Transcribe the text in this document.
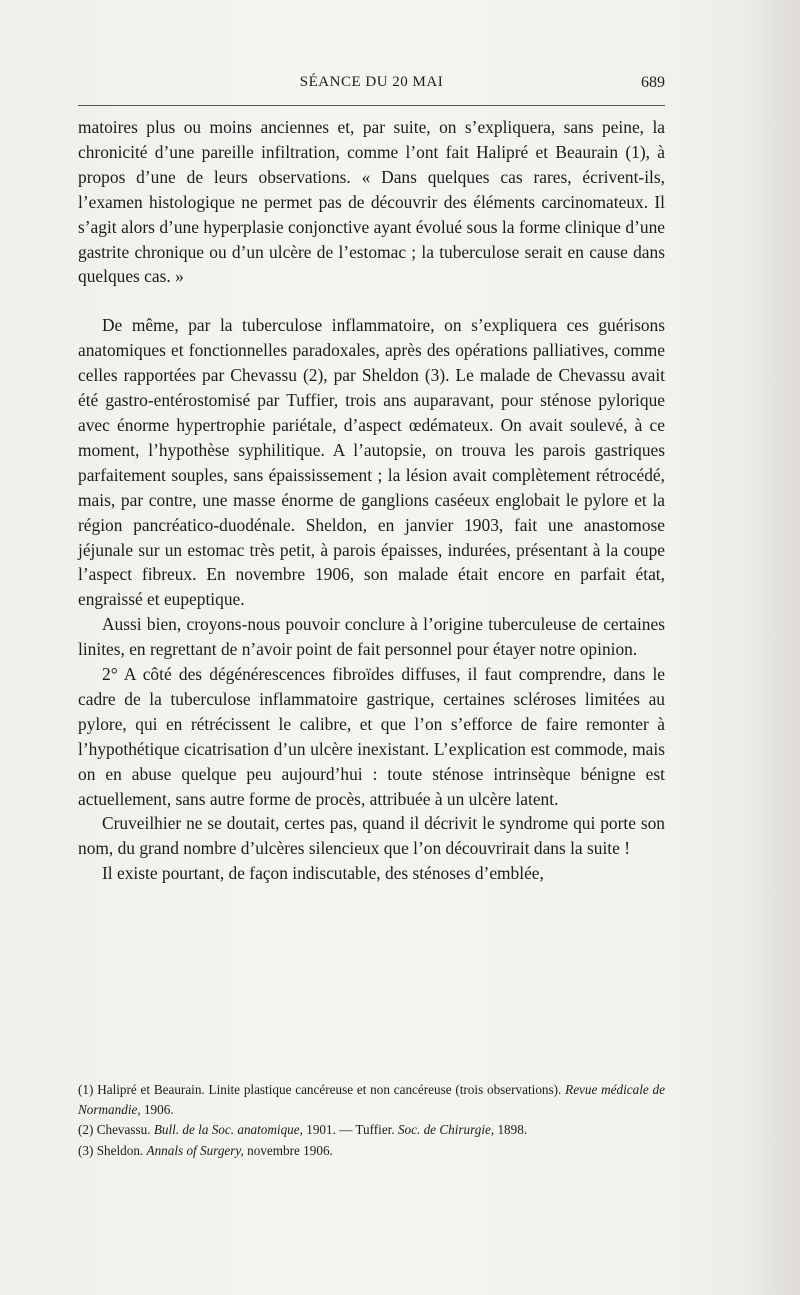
SÉANCE DU 20 MAI	689

matoires plus ou moins anciennes et, par suite, on s’expliquera, sans peine, la chronicité d’une pareille infiltration, comme l’ont fait Halipré et Beaurain (1), à propos d’une de leurs observations. « Dans quelques cas rares, écrivent-ils, l’examen histologique ne permet pas de découvrir des éléments carcinomateux. Il s’agit alors d’une hyperplasie conjonctive ayant évolué sous la forme clinique d’une gastrite chronique ou d’un ulcère de l’estomac ; la tuberculose serait en cause dans quelques cas. »

De même, par la tuberculose inflammatoire, on s’expliquera ces guérisons anatomiques et fonctionnelles paradoxales, après des opérations palliatives, comme celles rapportées par Chevassu (2), par Sheldon (3). Le malade de Chevassu avait été gastro-entérostomisé par Tuffier, trois ans auparavant, pour sténose pylorique avec énorme hypertrophie pariétale, d’aspect œdémateux. On avait soulevé, à ce moment, l’hypothèse syphilitique. A l’autopsie, on trouva les parois gastriques parfaitement souples, sans épaississement ; la lésion avait complètement rétrocédé, mais, par contre, une masse énorme de ganglions caséeux englobait le pylore et la région pancréatico-duodénale. Sheldon, en janvier 1903, fait une anastomose jéjunale sur un estomac très petit, à parois épaisses, indurées, présentant à la coupe l’aspect fibreux. En novembre 1906, son malade était encore en parfait état, engraissé et eupeptique.

Aussi bien, croyons-nous pouvoir conclure à l’origine tuberculeuse de certaines linites, en regrettant de n’avoir point de fait personnel pour étayer notre opinion.

2° A côté des dégénérescences fibroïdes diffuses, il faut comprendre, dans le cadre de la tuberculose inflammatoire gastrique, certaines scléroses limitées au pylore, qui en rétrécissent le calibre, et que l’on s’efforce de faire remonter à l’hypothétique cicatrisation d’un ulcère inexistant. L’explication est commode, mais on en abuse quelque peu aujourd’hui : toute sténose intrinsèque bénigne est actuellement, sans autre forme de procès, attribuée à un ulcère latent.

Cruveilhier ne se doutait, certes pas, quand il décrivit le syndrome qui porte son nom, du grand nombre d’ulcères silencieux que l’on découvrirait dans la suite !

Il existe pourtant, de façon indiscutable, des sténoses d’emblée,

(1) Halipré et Beaurain. Linite plastique cancéreuse et non cancéreuse (trois observations). Revue médicale de Normandie, 1906.

(2) Chevassu. Bull. de la Soc. anatomique, 1901. — Tuffier. Soc. de Chirurgie, 1898.

(3) Sheldon. Annals of Surgery, novembre 1906.
